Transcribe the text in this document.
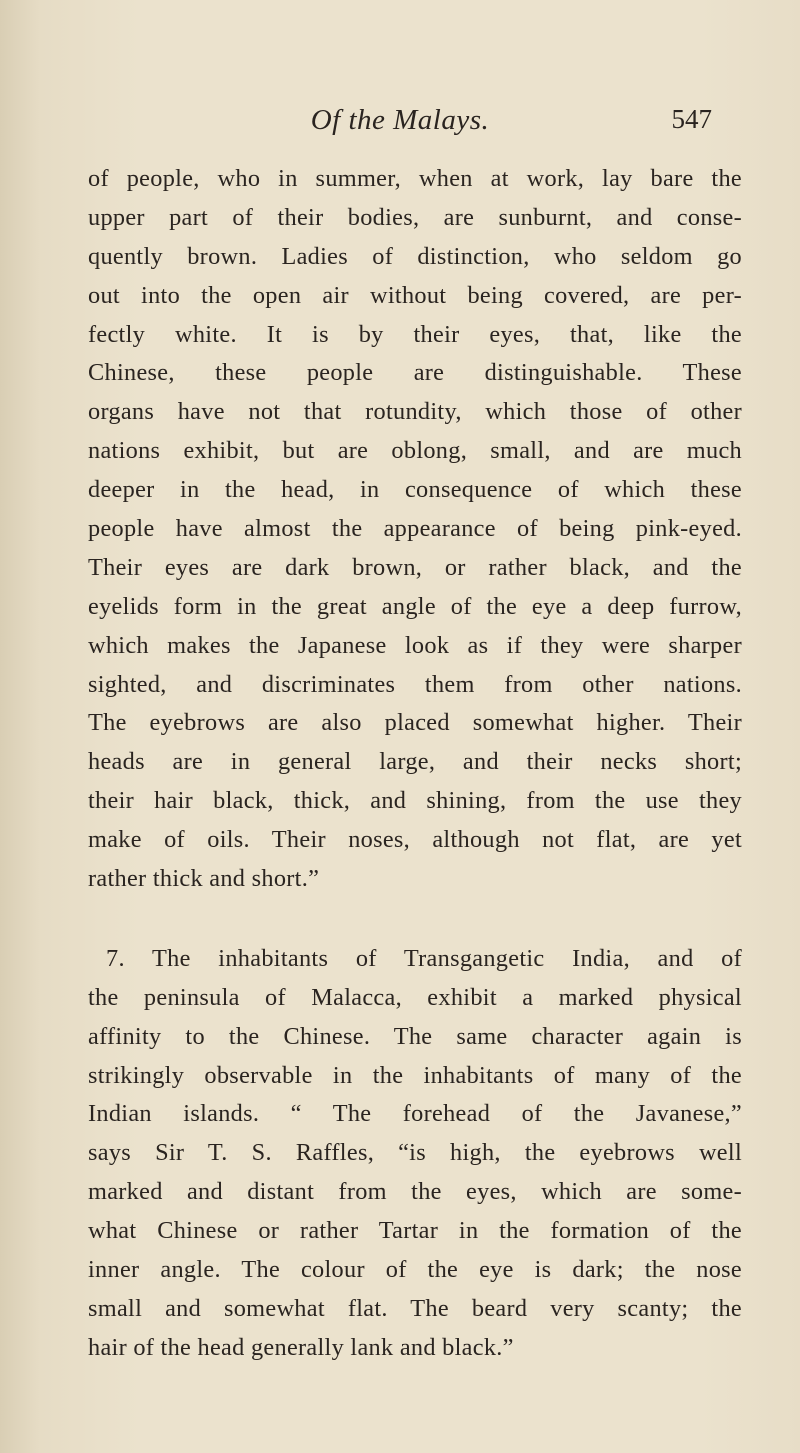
Of the Malays.	547
of people, who in summer, when at work, lay bare the
upper part of their bodies, are sunburnt, and conse-
quently brown. Ladies of distinction, who seldom go
out into the open air without being covered, are per-
fectly white. It is by their eyes, that, like the
Chinese, these people are distinguishable. These
organs have not that rotundity, which those of other
nations exhibit, but are oblong, small, and are much
deeper in the head, in consequence of which these
people have almost the appearance of being pink-eyed.
Their eyes are dark brown, or rather black, and the
eyelids form in the great angle of the eye a deep furrow,
which makes the Japanese look as if they were sharper
sighted, and discriminates them from other nations.
The eyebrows are also placed somewhat higher. Their
heads are in general large, and their necks short;
their hair black, thick, and shining, from the use they
make of oils. Their noses, although not flat, are yet
rather thick and short.”
7. The inhabitants of Transgangetic India, and of
the peninsula of Malacca, exhibit a marked physical
affinity to the Chinese. The same character again is
strikingly observable in the inhabitants of many of the
Indian islands. “ The forehead of the Javanese,”
says Sir T. S. Raffles, “is high, the eyebrows well
marked and distant from the eyes, which are some-
what Chinese or rather Tartar in the formation of the
inner angle. The colour of the eye is dark; the nose
small and somewhat flat. The beard very scanty; the
hair of the head generally lank and black.”
